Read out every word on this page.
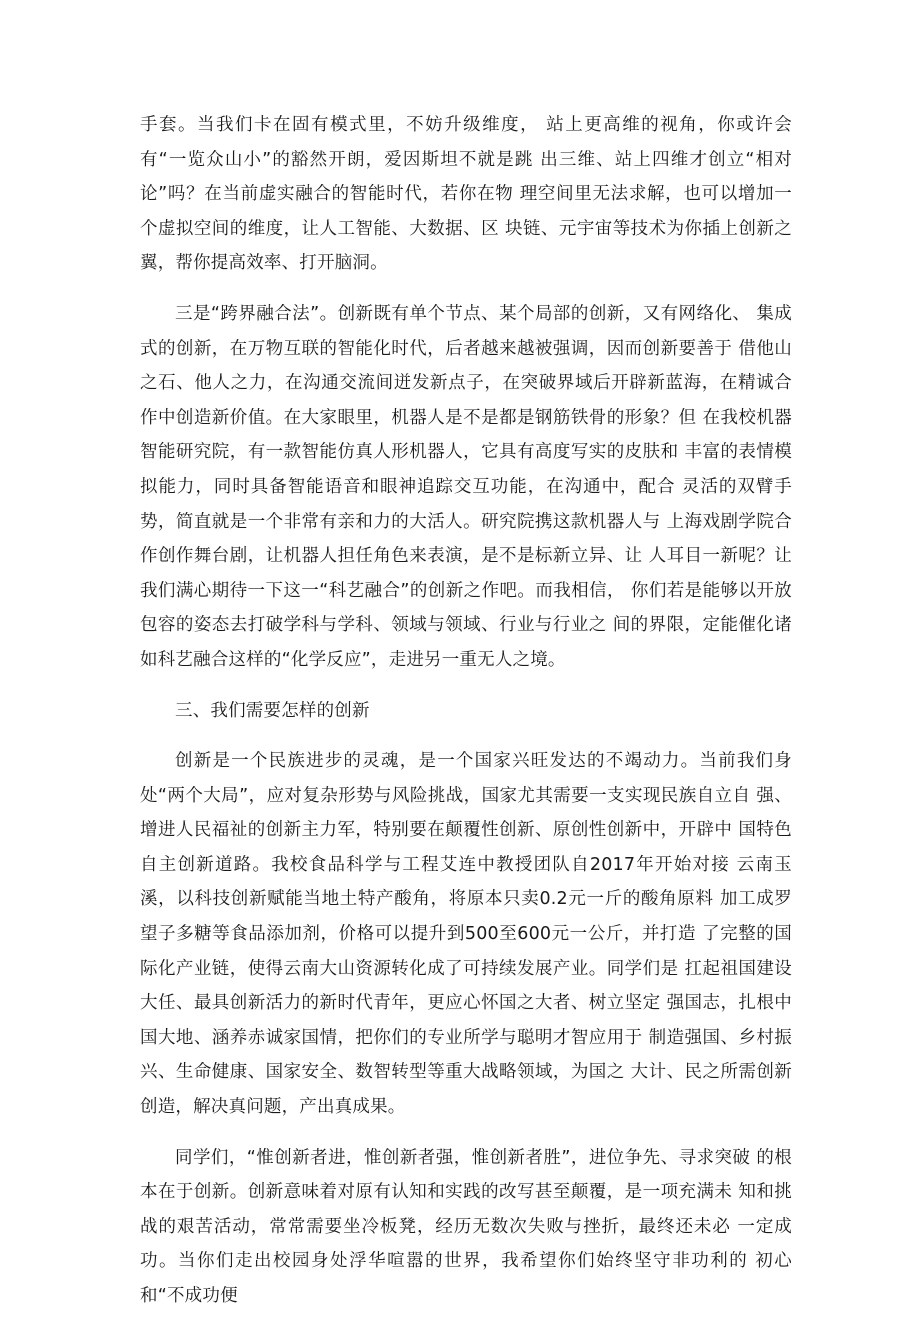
手套。当我们卡在固有模式里，不妨升级维度， 站上更高维的视角，你或许会有“一览众山小”的豁然开朗，爱因斯坦不就是跳 出三维、站上四维才创立“相对论”吗？在当前虚实融合的智能时代，若你在物 理空间里无法求解，也可以增加一个虚拟空间的维度，让人工智能、大数据、区 块链、元宇宙等技术为你插上创新之翼，帮你提高效率、打开脑洞。

三是“跨界融合法”。创新既有单个节点、某个局部的创新，又有网络化、 集成式的创新，在万物互联的智能化时代，后者越来越被强调，因而创新要善于 借他山之石、他人之力，在沟通交流间迸发新点子，在突破界域后开辟新蓝海，在精诚合作中创造新价值。在大家眼里，机器人是不是都是钢筋铁骨的形象？但 在我校机器智能研究院，有一款智能仿真人形机器人，它具有高度写实的皮肤和 丰富的表情模拟能力，同时具备智能语音和眼神追踪交互功能，在沟通中，配合 灵活的双臂手势，简直就是一个非常有亲和力的大活人。研究院携这款机器人与 上海戏剧学院合作创作舞台剧，让机器人担任角色来表演，是不是标新立异、让 人耳目一新呢？让我们满心期待一下这一“科艺融合”的创新之作吧。而我相信， 你们若是能够以开放包容的姿态去打破学科与学科、领域与领域、行业与行业之 间的界限，定能催化诸如科艺融合这样的“化学反应”，走进另一重无人之境。

三、我们需要怎样的创新

创新是一个民族进步的灵魂，是一个国家兴旺发达的不竭动力。当前我们身 处“两个大局”，应对复杂形势与风险挑战，国家尤其需要一支实现民族自立自 强、增进人民福祉的创新主力军，特别要在颠覆性创新、原创性创新中，开辟中 国特色自主创新道路。我校食品科学与工程艾连中教授团队自2017年开始对接 云南玉溪，以科技创新赋能当地土特产酸角，将原本只卖0.2元一斤的酸角原料 加工成罗望子多糖等食品添加剂，价格可以提升到500至600元一公斤，并打造 了完整的国际化产业链，使得云南大山资源转化成了可持续发展产业。同学们是 扛起祖国建设大任、最具创新活力的新时代青年，更应心怀国之大者、树立坚定 强国志，扎根中国大地、涵养赤诚家国情，把你们的专业所学与聪明才智应用于 制造强国、乡村振兴、生命健康、国家安全、数智转型等重大战略领域，为国之 大计、民之所需创新创造，解决真问题，产出真成果。

同学们，“惟创新者进，惟创新者强，惟创新者胜”，进位争先、寻求突破 的根本在于创新。创新意味着对原有认知和实践的改写甚至颠覆，是一项充满未 知和挑战的艰苦活动，常常需要坐冷板凳，经历无数次失败与挫折，最终还未必 一定成功。当你们走出校园身处浮华喧嚣的世界，我希望你们始终坚守非功利的 初心和“不成功便
